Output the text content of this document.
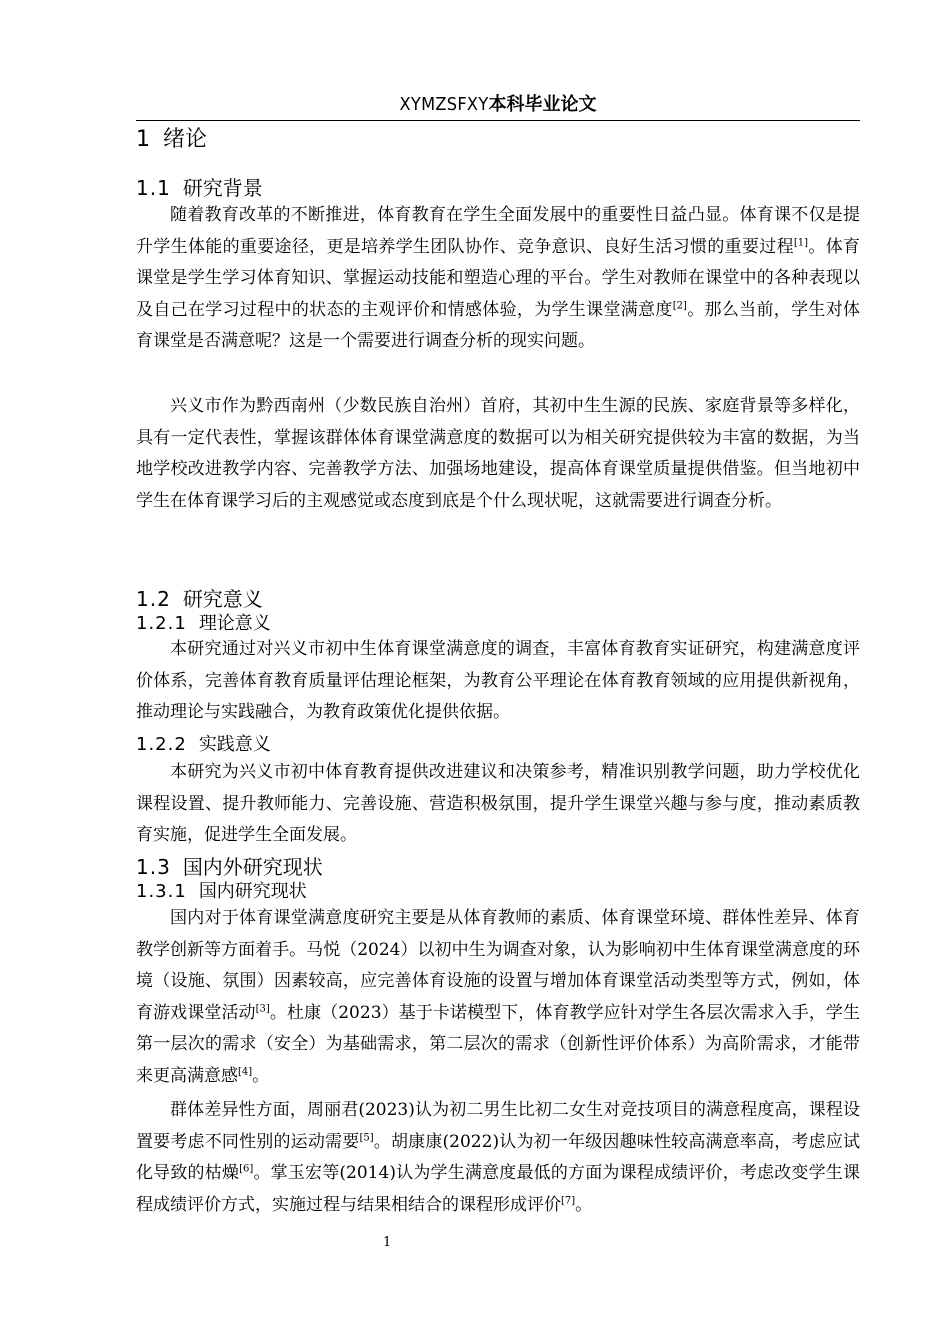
XYMZSFXY本科毕业论文
1 绪论
1.1 研究背景
随着教育改革的不断推进，体育教育在学生全面发展中的重要性日益凸显。体育课不仅是提升学生体能的重要途径，更是培养学生团队协作、竞争意识、良好生活习惯的重要过程[1]。体育课堂是学生学习体育知识、掌握运动技能和塑造心理的平台。学生对教师在课堂中的各种表现以及自己在学习过程中的状态的主观评价和情感体验，为学生课堂满意度[2]。那么当前，学生对体育课堂是否满意呢？这是一个需要进行调查分析的现实问题。
兴义市作为黔西南州（少数民族自治州）首府，其初中生生源的民族、家庭背景等多样化，具有一定代表性，掌握该群体体育课堂满意度的数据可以为相关研究提供较为丰富的数据，为当地学校改进教学内容、完善教学方法、加强场地建设，提高体育课堂质量提供借鉴。但当地初中学生在体育课学习后的主观感觉或态度到底是个什么现状呢，这就需要进行调查分析。
1.2 研究意义
1.2.1 理论意义
本研究通过对兴义市初中生体育课堂满意度的调查，丰富体育教育实证研究，构建满意度评价体系，完善体育教育质量评估理论框架，为教育公平理论在体育教育领域的应用提供新视角，推动理论与实践融合，为教育政策优化提供依据。
1.2.2 实践意义
本研究为兴义市初中体育教育提供改进建议和决策参考，精准识别教学问题，助力学校优化课程设置、提升教师能力、完善设施、营造积极氛围，提升学生课堂兴趣与参与度，推动素质教育实施，促进学生全面发展。
1.3 国内外研究现状
1.3.1 国内研究现状
国内对于体育课堂满意度研究主要是从体育教师的素质、体育课堂环境、群体性差异、体育教学创新等方面着手。马悦（2024）以初中生为调查对象，认为影响初中生体育课堂满意度的环境（设施、氛围）因素较高，应完善体育设施的设置与增加体育课堂活动类型等方式，例如，体育游戏课堂活动[3]。杜康（2023）基于卡诺模型下，体育教学应针对学生各层次需求入手，学生第一层次的需求（安全）为基础需求，第二层次的需求（创新性评价体系）为高阶需求，才能带来更高满意感[4]。
群体差异性方面，周丽君(2023)认为初二男生比初二女生对竞技项目的满意程度高，课程设置要考虑不同性别的运动需要[5]。胡康康(2022)认为初一年级因趣味性较高满意率高，考虑应试化导致的枯燥[6]。掌玉宏等(2014)认为学生满意度最低的方面为课程成绩评价，考虑改变学生课程成绩评价方式，实施过程与结果相结合的课程形成评价[7]。
1
